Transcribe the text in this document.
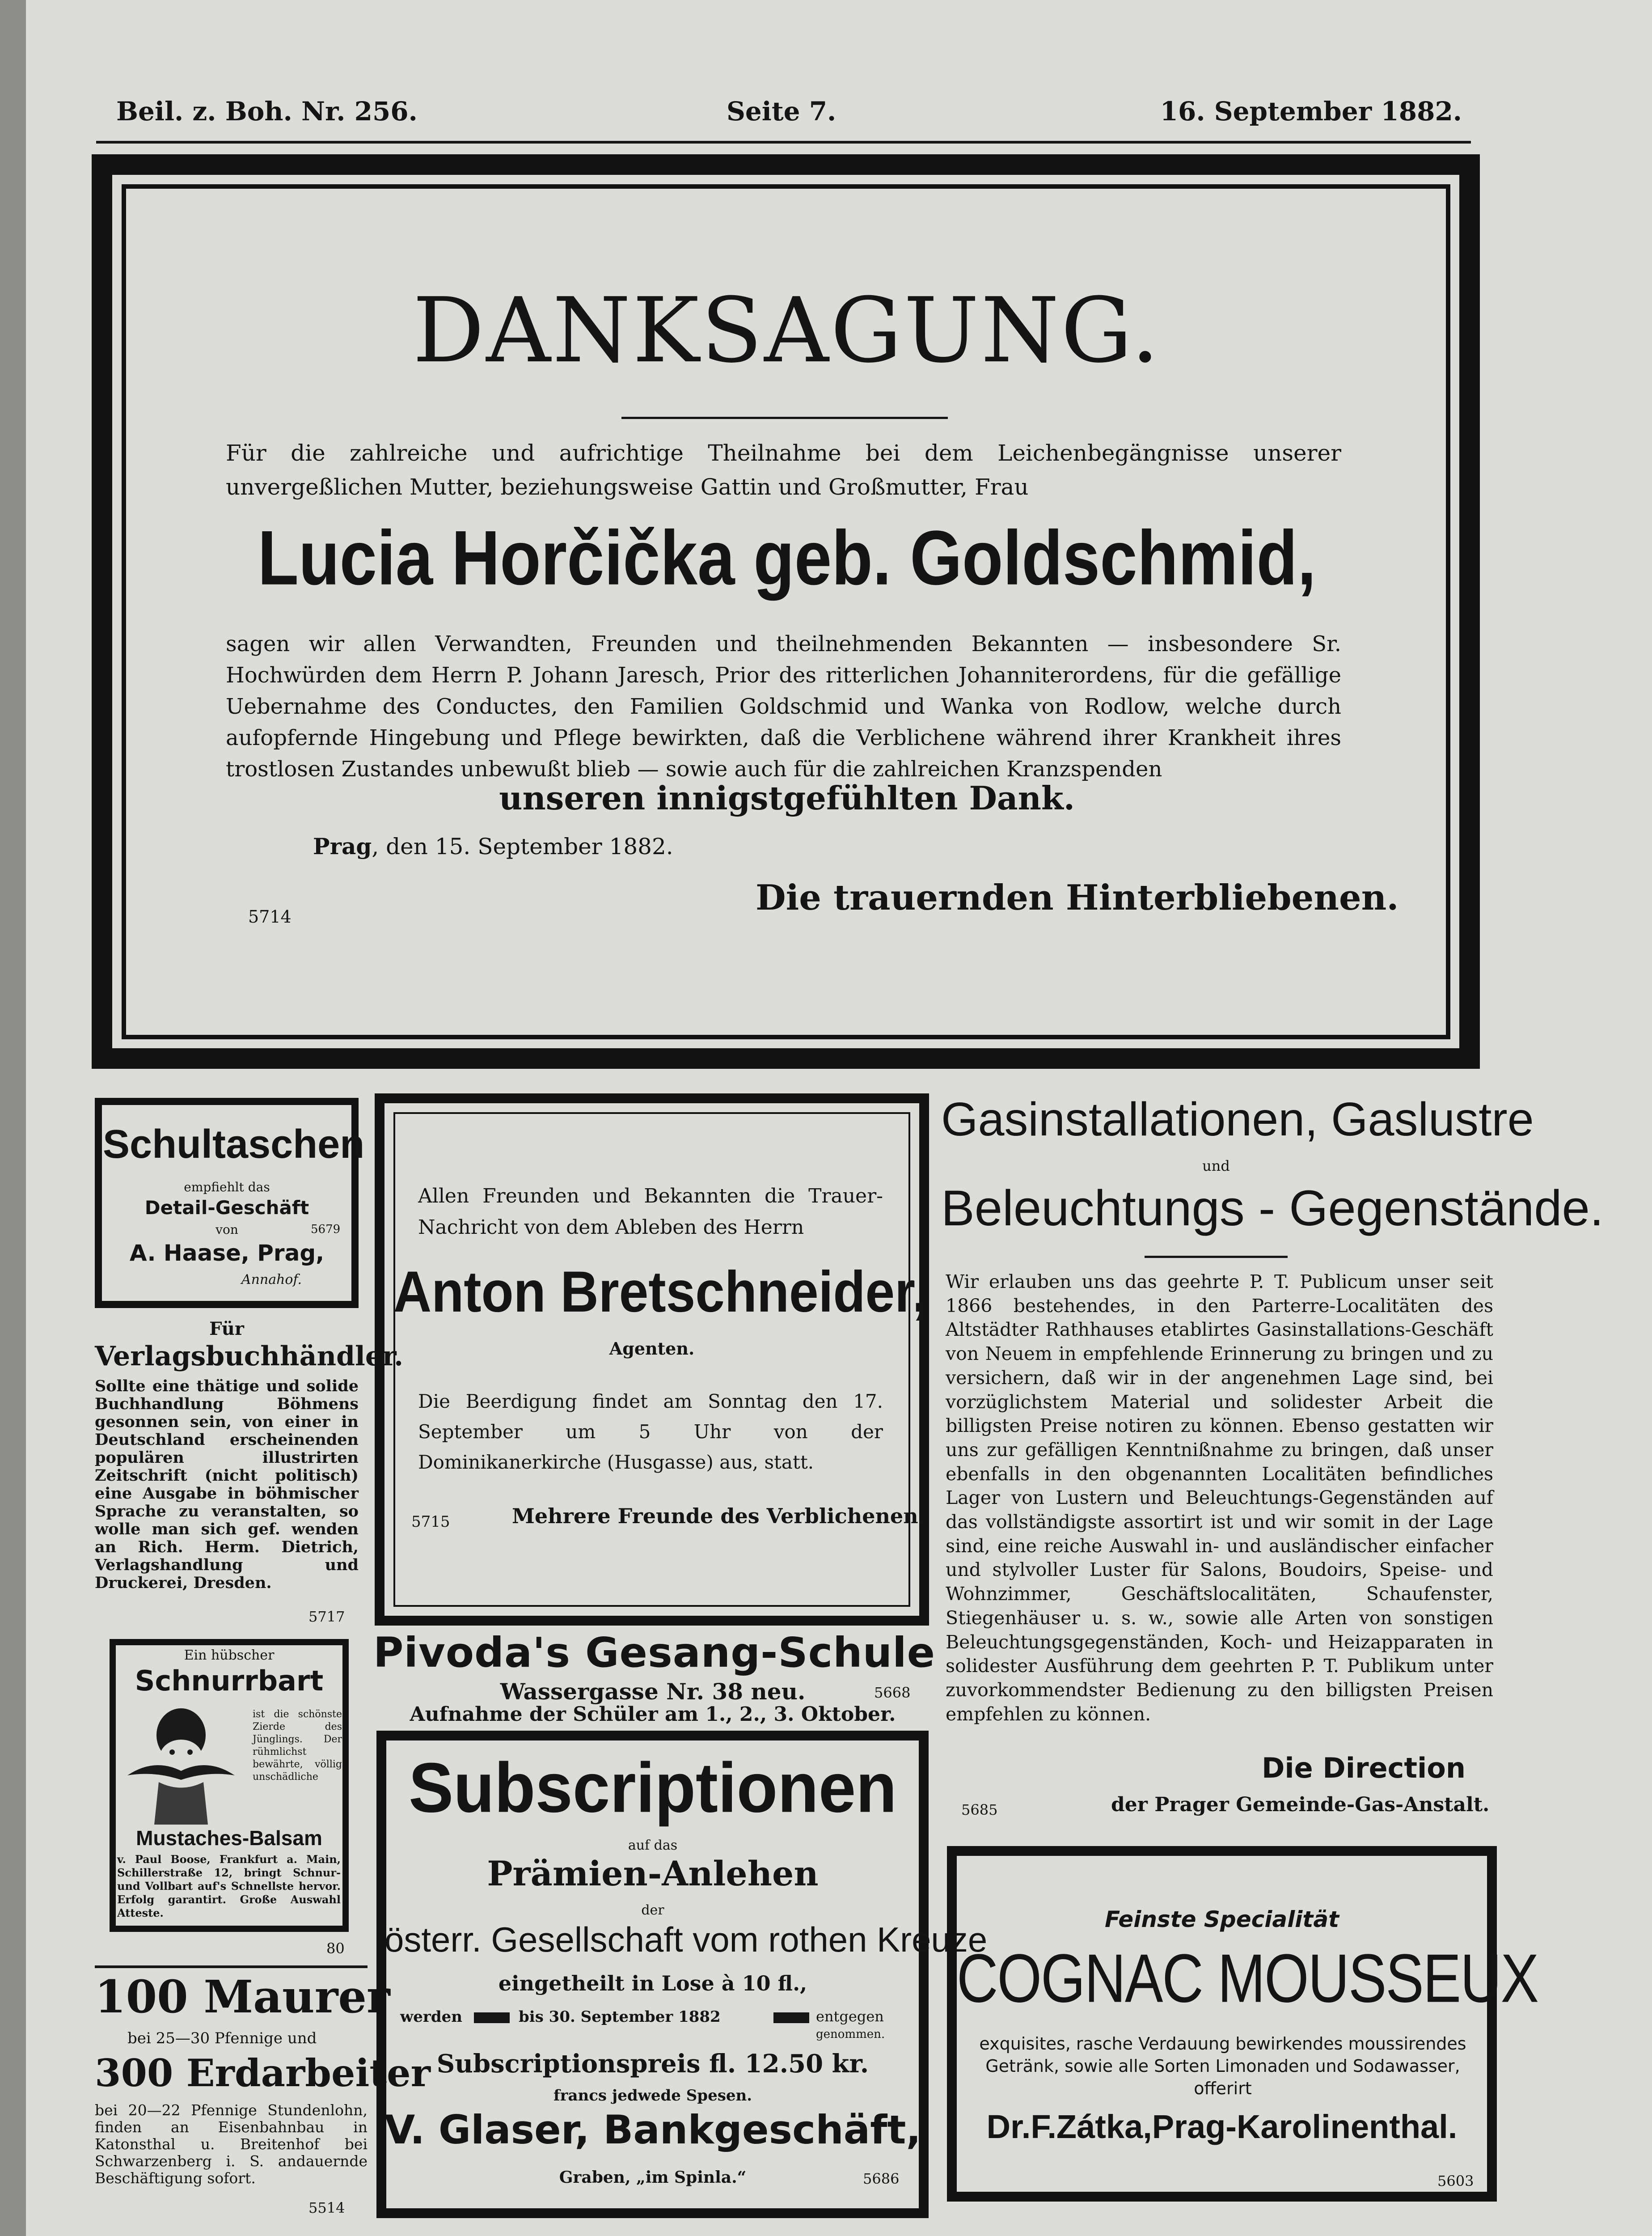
Beil. z. Boh. Nr. 256.	Seite 7.	16. September 1882.
DANKSAGUNG.
Für die zahlreiche und aufrichtige Theilnahme bei dem Leichenbegängnisse unserer unvergeßlichen Mutter, beziehungsweise Gattin und Großmutter, Frau
Lucia Horčička geb. Goldschmid,
sagen wir allen Verwandten, Freunden und theilnehmenden Bekannten — insbesondere Sr. Hochwürden dem Herrn P. Johann Jaresch, Prior des ritterlichen Johanniterordens, für die gefällige Uebernahme des Conductes, den Familien Goldschmid und Wanka von Rodlow, welche durch aufopfernde Hingebung und Pflege bewirkten, daß die Verblichene während ihrer Krankheit ihres trostlosen Zustandes unbewußt blieb — sowie auch für die zahlreichen Kranzspenden
unseren innigstgefühlten Dank.
Prag, den 15. September 1882.
5714	Die trauernden Hinterbliebenen.
Schultaschen
empfiehlt das
Detail-Geschäft
von	5679
A. Haase, Prag,
Annahof.
Für
Verlagsbuchhändler.
Sollte eine thätige und solide Buchhandlung Böhmens gesonnen sein, von einer in Deutschland erscheinenden populären illustrirten Zeitschrift (nicht politisch) eine Ausgabe in böhmischer Sprache zu veranstalten, so wolle man sich gef. wenden an Rich. Herm. Dietrich, Verlagshandlung und Druckerei, Dresden.
5717
Ein hübscher
Schnurrbart
ist die schönste Zierde des Jünglings. Der rühmlichst bewährte, völlig unschädliche
Mustaches-Balsam
v. Paul Boose, Frankfurt a. Main, Schillerstraße 12, bringt Schnur- und Vollbart auf's Schnellste hervor. Erfolg garantirt. Große Auswahl Atteste.
80
100 Maurer
bei 25—30 Pfennige und
300 Erdarbeiter
bei 20—22 Pfennige Stundenlohn, finden an Eisenbahnbau in Katonsthal u. Breitenhof bei Schwarzenberg i. S. andauernde Beschäftigung sofort.
5514
Allen Freunden und Bekannten die Trauer-Nachricht von dem Ableben des Herrn
Anton Bretschneider,
Agenten.
Die Beerdigung findet am Sonntag den 17. September um 5 Uhr von der Dominikanerkirche (Husgasse) aus, statt.
5715	Mehrere Freunde des Verblichenen.
Pivoda's Gesang-Schule
Wassergasse Nr. 38 neu.	5668
Aufnahme der Schüler am 1., 2., 3. Oktober.
Subscriptionen
auf das
Prämien-Anlehen
der
österr. Gesellschaft vom rothen Kreuze
eingetheilt in Lose à 10 fl.,
werden	bis 30. September 1882	entgegen
genommen.
Subscriptionspreis fl. 12.50 kr.
francs jedwede Spesen.
V. Glaser, Bankgeschäft,
Graben, „im Spinla.“	5686
Gasinstallationen, Gaslustre
und
Beleuchtungs - Gegenstände.
Wir erlauben uns das geehrte P. T. Publicum unser seit 1866 bestehendes, in den Parterre-Localitäten des Altstädter Rathhauses etablirtes Gasinstallations-Geschäft von Neuem in empfehlende Erinnerung zu bringen und zu versichern, daß wir in der angenehmen Lage sind, bei vorzüglichstem Material und solidester Arbeit die billigsten Preise notiren zu können. Ebenso gestatten wir uns zur gefälligen Kenntnißnahme zu bringen, daß unser ebenfalls in den obgenannten Localitäten befindliches Lager von Lustern und Beleuchtungs-Gegenständen auf das vollständigste assortirt ist und wir somit in der Lage sind, eine reiche Auswahl in- und ausländischer einfacher und stylvoller Luster für Salons, Boudoirs, Speise- und Wohnzimmer, Geschäftslocalitäten, Schaufenster, Stiegenhäuser u. s. w., sowie alle Arten von sonstigen Beleuchtungsgegenständen, Koch- und Heizapparaten in solidester Ausführung dem geehrten P. T. Publikum unter zuvorkommendster Bedienung zu den billigsten Preisen empfehlen zu können.
Die Direction
der Prager Gemeinde-Gas-Anstalt.
5685
Feinste Specialität
COGNAC MOUSSEUX
exquisites, rasche Verdauung bewirkendes moussirendes Getränk, sowie alle Sorten Limonaden und Sodawasser, offerirt
Dr.F.Zátka,Prag-Karolinenthal.
5603
